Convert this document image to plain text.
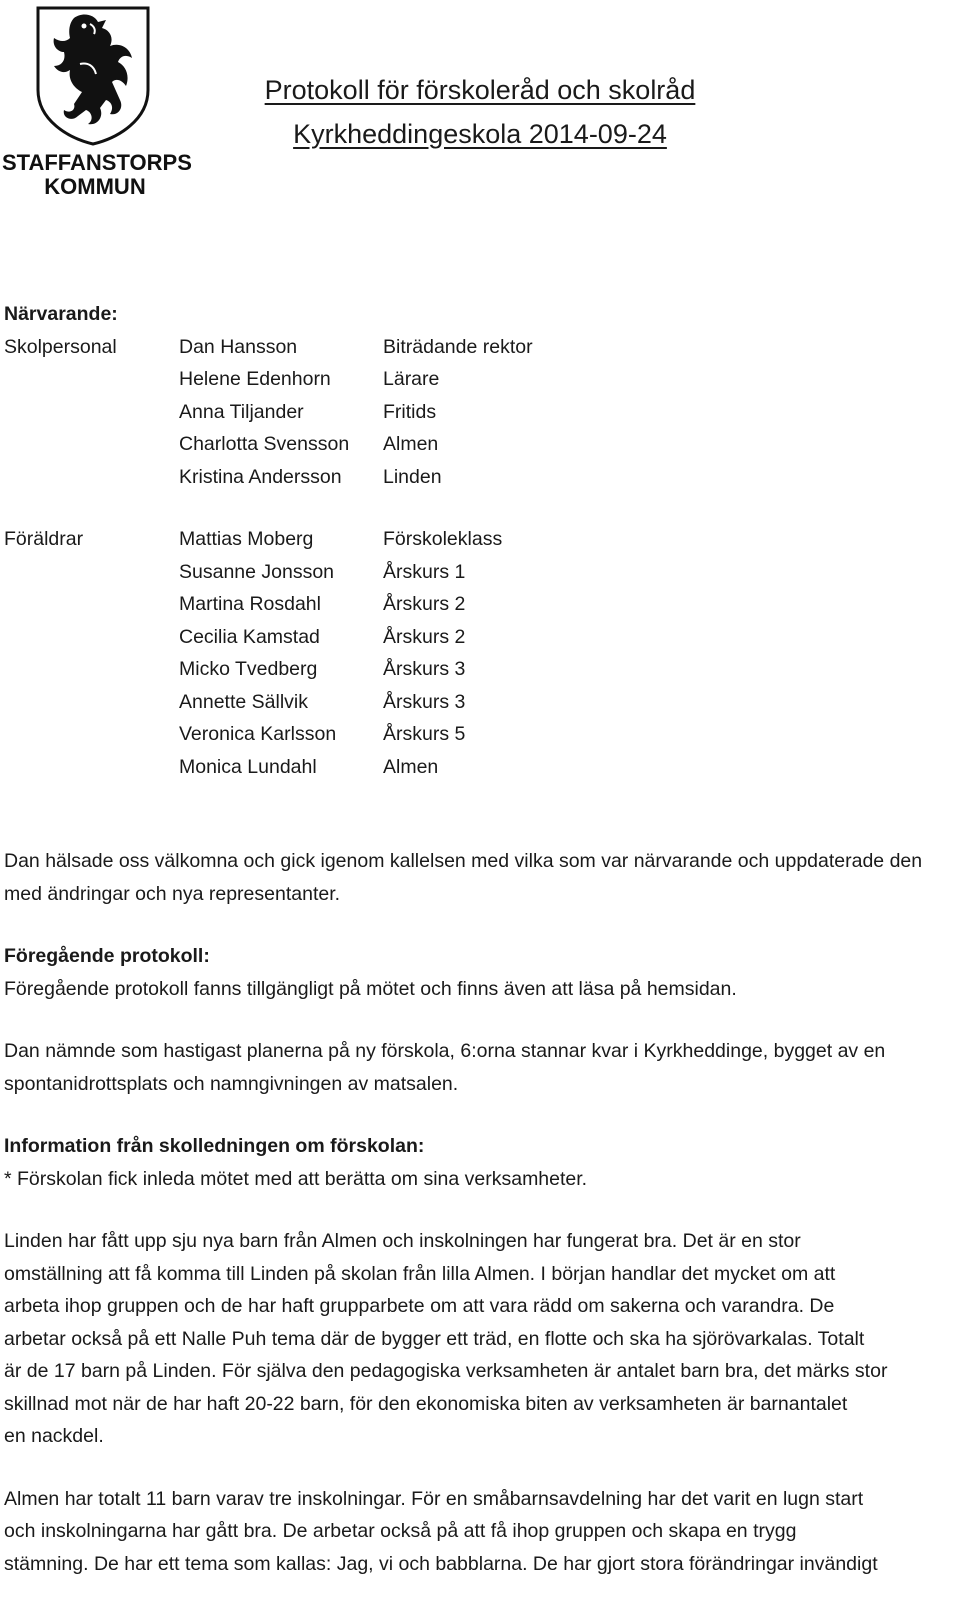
STAFFANSTORPS
KOMMUN
Protokoll för förskoleråd och skolråd
Kyrkheddingeskola 2014-09-24
Närvarande:
Skolpersonal	Dan Hansson	Biträdande rektor
Helene Edenhorn	Lärare
Anna Tiljander	Fritids
Charlotta Svensson	Almen
Kristina Andersson	Linden
Föräldrar	Mattias Moberg	Förskoleklass
Susanne Jonsson	Årskurs 1
Martina Rosdahl	Årskurs 2
Cecilia Kamstad	Årskurs 2
Micko Tvedberg	Årskurs 3
Annette Sällvik	Årskurs 3
Veronica Karlsson	Årskurs 5
Monica Lundahl	Almen

Dan hälsade oss välkomna och gick igenom kallelsen med vilka som var närvarande och uppdaterade den med ändringar och nya representanter.

Föregående protokoll:

Föregående protokoll fanns tillgängligt på mötet och finns även att läsa på hemsidan.

Dan nämnde som hastigast planerna på ny förskola, 6:orna stannar kvar i Kyrkheddinge, bygget av en spontanidrottsplats och namngivningen av matsalen.

Information från skolledningen om förskolan:

* Förskolan fick inleda mötet med att berätta om sina verksamheter.

Linden har fått upp sju nya barn från Almen och inskolningen har fungerat bra. Det är en stor
omställning att få komma till Linden på skolan från lilla Almen. I början handlar det mycket om att
arbeta ihop gruppen och de har haft grupparbete om att vara rädd om sakerna och varandra. De
arbetar också på ett Nalle Puh tema där de bygger ett träd, en flotte och ska ha sjörövarkalas. Totalt
är de 17 barn på Linden. För själva den pedagogiska verksamheten är antalet barn bra, det märks stor
skillnad mot när de har haft 20-22 barn, för den ekonomiska biten av verksamheten är barnantalet
en nackdel.
Almen har totalt 11 barn varav tre inskolningar. För en småbarnsavdelning har det varit en lugn start
och inskolningarna har gått bra. De arbetar också på att få ihop gruppen och skapa en trygg
stämning. De har ett tema som kallas: Jag, vi och babblarna. De har gjort stora förändringar invändigt
